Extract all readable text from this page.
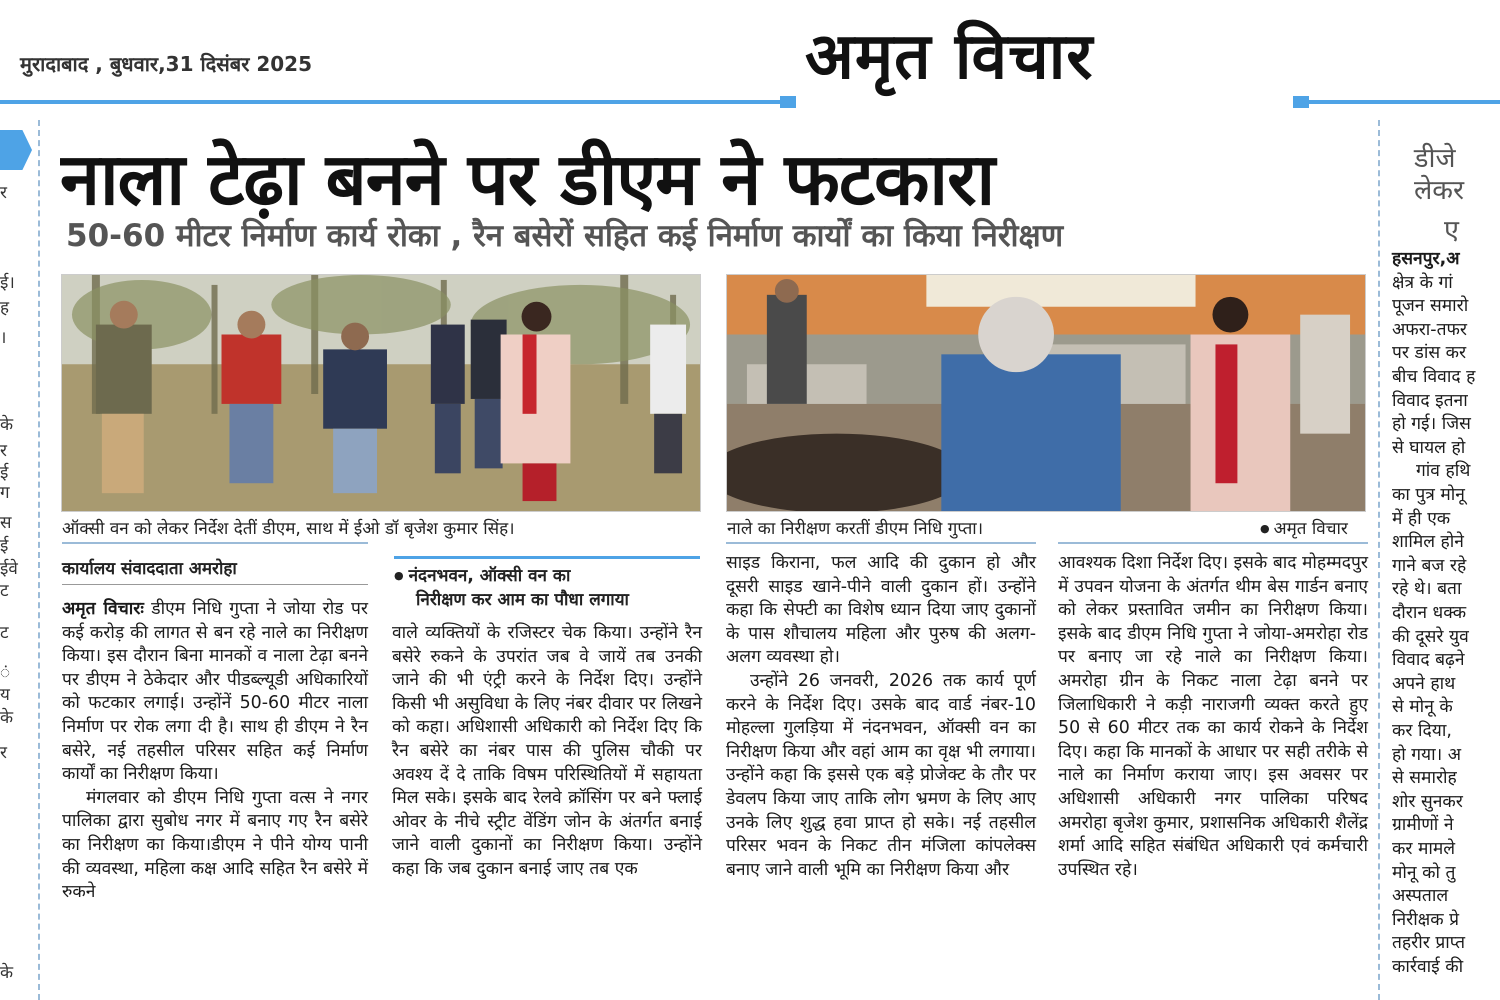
मुरादाबाद , बुधवार,31 दिसंबर 2025	अमृत विचार
र
ई।
ह
।
के
र
ई
ग
स
ई
ईवे
ट
ट
ं
य
के
र
के
नाला टेढ़ा बनने पर डीएम ने फटकारा
50-60 मीटर निर्माण कार्य रोका , रैन बसेरों सहित कई निर्माण कार्यों का किया निरीक्षण
ऑक्सी वन को लेकर निर्देश देतीं डीएम, साथ में ईओ डॉ बृजेश कुमार सिंह।	नाले का निरीक्षण करतीं डीएम निधि गुप्ता।	● अमृत विचार
कार्यालय संवाददाता अमरोहा	● नंदनभवन, ऑक्सी वन का
निरीक्षण कर आम का पौधा लगाया

अमृत विचारः डीएम निधि गुप्ता ने जोया रोड पर कई करोड़ की लागत से बन रहे नाले का निरीक्षण किया। इस दौरान बिना मानकों व नाला टेढ़ा बनने पर डीएम ने ठेकेदार और पीडब्ल्यूडी अधिकारियों को फटकार लगाई। उन्होंनें 50-60 मीटर नाला निर्माण पर रोक लगा दी है। साथ ही डीएम ने रैन बसेरे, नई तहसील परिसर सहित कई निर्माण कार्यों का निरीक्षण किया।

मंगलवार को डीएम निधि गुप्ता वत्स ने नगर पालिका द्वारा सुबोध नगर में बनाए गए रैन बसेरे का निरीक्षण का किया।डीएम ने पीने योग्य पानी की व्यवस्था, महिला कक्ष आदि सहित रैन बसेरे में रुकने

वाले व्यक्तियों के रजिस्टर चेक किया। उन्होंने रैन बसेरे रुकने के उपरांत जब वे जायें तब उनकी जाने की भी एंट्री करने के निर्देश दिए। उन्होंने किसी भी असुविधा के लिए नंबर दीवार पर लिखने को कहा। अधिशासी अधिकारी को निर्देश दिए कि रैन बसेरे का नंबर पास की पुलिस चौकी पर अवश्य दें दे ताकि विषम परिस्थितियों में सहायता मिल सके। इसके बाद रेलवे क्रॉसिंग पर बने फ्लाई ओवर के नीचे स्ट्रीट वेंडिंग जोन के अंतर्गत बनाई जाने वाली दुकानों का निरीक्षण किया। उन्होंने कहा कि जब दुकान बनाई जाए तब एक

साइड किराना, फल आदि की दुकान हो और दूसरी साइड खाने-पीने वाली दुकान हों। उन्होंने कहा कि सेफ्टी का विशेष ध्यान दिया जाए दुकानों के पास शौचालय महिला और पुरुष की अलग-अलग व्यवस्था हो।

उन्होंने 26 जनवरी, 2026 तक कार्य पूर्ण करने के निर्देश दिए। उसके बाद वार्ड नंबर-10 मोहल्ला गुलड़िया में नंदनभवन, ऑक्सी वन का निरीक्षण किया और वहां आम का वृक्ष भी लगाया। उन्होंने कहा कि इससे एक बड़े प्रोजेक्ट के तौर पर डेवलप किया जाए ताकि लोग भ्रमण के लिए आए उनके लिए शुद्ध हवा प्राप्त हो सके। नई तहसील परिसर भवन के निकट तीन मंजिला कांपलेक्स बनाए जाने वाली भूमि का निरीक्षण किया और

आवश्यक दिशा निर्देश दिए। इसके बाद मोहम्मदपुर में उपवन योजना के अंतर्गत थीम बेस गार्डन बनाए को लेकर प्रस्तावित जमीन का निरीक्षण किया। इसके बाद डीएम निधि गुप्ता ने जोया-अमरोहा रोड पर बनाए जा रहे नाले का निरीक्षण किया। अमरोहा ग्रीन के निकट नाला टेढ़ा बनने पर जिलाधिकारी ने कड़ी नाराजगी व्यक्त करते हुए 50 से 60 मीटर तक का कार्य रोकने के निर्देश दिए। कहा कि मानकों के आधार पर सही तरीके से नाले का निर्माण कराया जाए। इस अवसर पर अधिशासी अधिकारी नगर पालिका परिषद अमरोहा बृजेश कुमार, प्रशासनिक अधिकारी शैलेंद्र शर्मा आदि सहित संबंधित अधिकारी एवं कर्मचारी उपस्थित रहे।

डीजे
लेकर
ए
हसनपुर,अ
क्षेत्र के गां
पूजन समारो
अफरा-तफर
पर डांस कर
बीच विवाद ह
विवाद इतना
हो गई। जिस
से घायल हो
गांव हथि
का पुत्र मोनू
में ही एक
शामिल होने
गाने बज रहे
रहे थे। बता
दौरान धक्क
की दूसरे युव
विवाद बढ़ने
अपने हाथ
से मोनू के
कर दिया,
हो गया। अ
से समारोह
शोर सुनकर
ग्रामीणों ने
कर मामले
मोनू को तु
अस्पताल
निरीक्षक प्रे
तहरीर प्राप्त
कार्रवाई की
